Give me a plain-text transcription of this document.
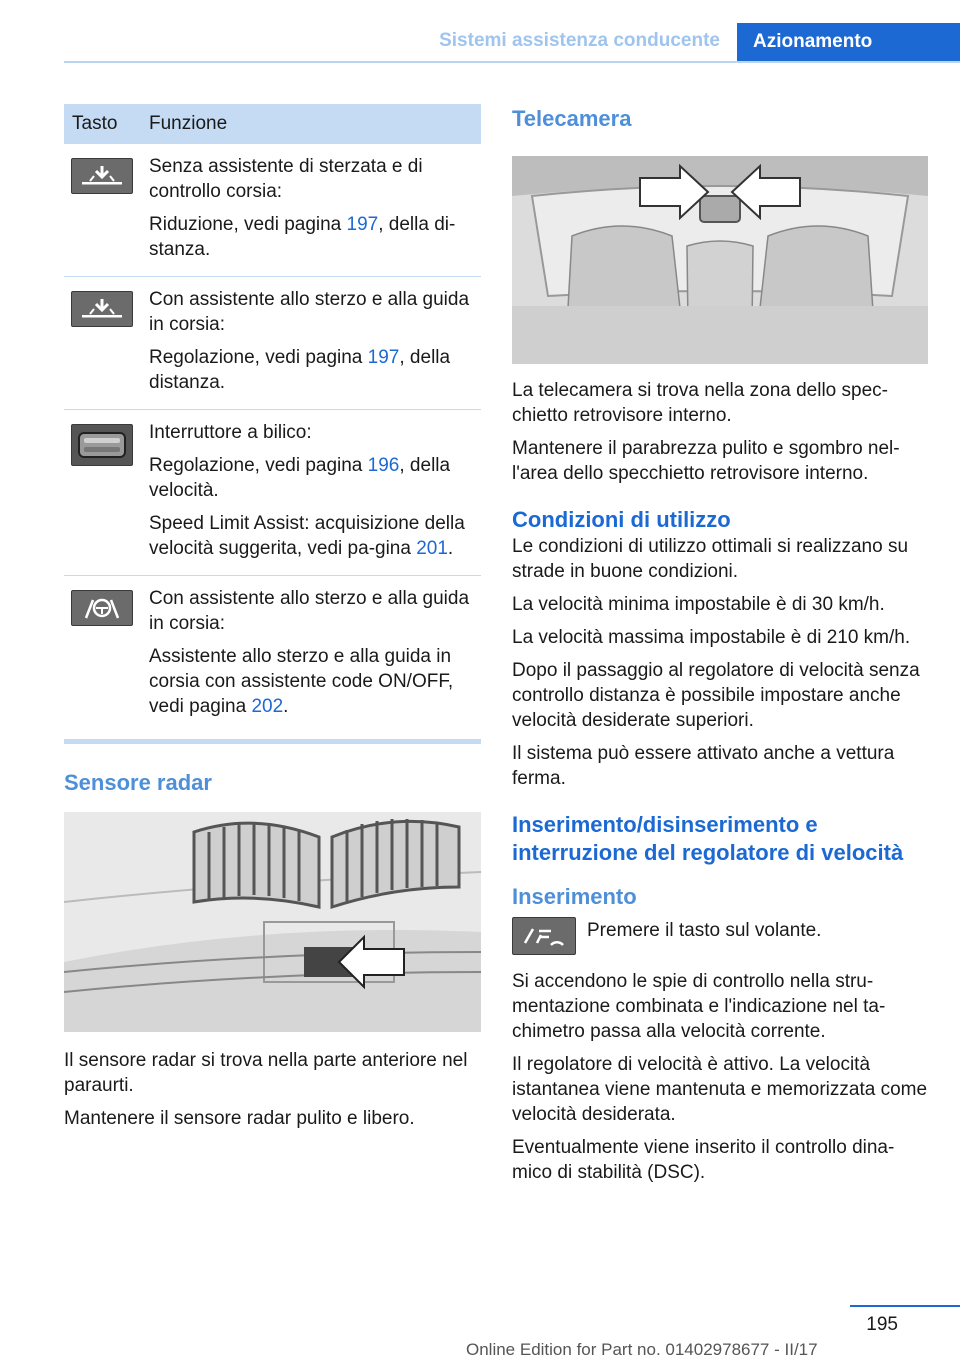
Sistemi assistenza conducente	Azionamento
Tasto	Funzione

Senza assistente di sterzata e di controllo corsia:

Riduzione, vedi pagina 197, della di-stanza.

Con assistente allo sterzo e alla guida in corsia:

Regolazione, vedi pagina 197, della distanza.

Interruttore a bilico:

Regolazione, vedi pagina 196, della velocità.

Speed Limit Assist: acquisizione della velocità suggerita, vedi pa-gina 201.

Con assistente allo sterzo e alla guida in corsia:

Assistente allo sterzo e alla guida in corsia con assistente code ON/OFF, vedi pagina 202.

Sensore radar

Il sensore radar si trova nella parte anteriore nel paraurti.

Mantenere il sensore radar pulito e libero.

Telecamera

La telecamera si trova nella zona dello spec-chietto retrovisore interno.

Mantenere il parabrezza pulito e sgombro nel-l'area dello specchietto retrovisore interno.

Condizioni di utilizzo

Le condizioni di utilizzo ottimali si realizzano su strade in buone condizioni.

La velocità minima impostabile è di 30 km/h.

La velocità massima impostabile è di 210 km/h.

Dopo il passaggio al regolatore di velocità senza controllo distanza è possibile impostare anche velocità desiderate superiori.

Il sistema può essere attivato anche a vettura ferma.

Inserimento/disinserimento e interruzione del regolatore di velocità
Inserimento

Premere il tasto sul volante.

Si accendono le spie di controllo nella stru-mentazione combinata e l'indicazione nel ta-chimetro passa alla velocità corrente.

Il regolatore di velocità è attivo. La velocità istantanea viene mantenuta e memorizzata come velocità desiderata.

Eventualmente viene inserito il controllo dina-mico di stabilità (DSC).

195
Online Edition for Part no. 01402978677 - II/17
